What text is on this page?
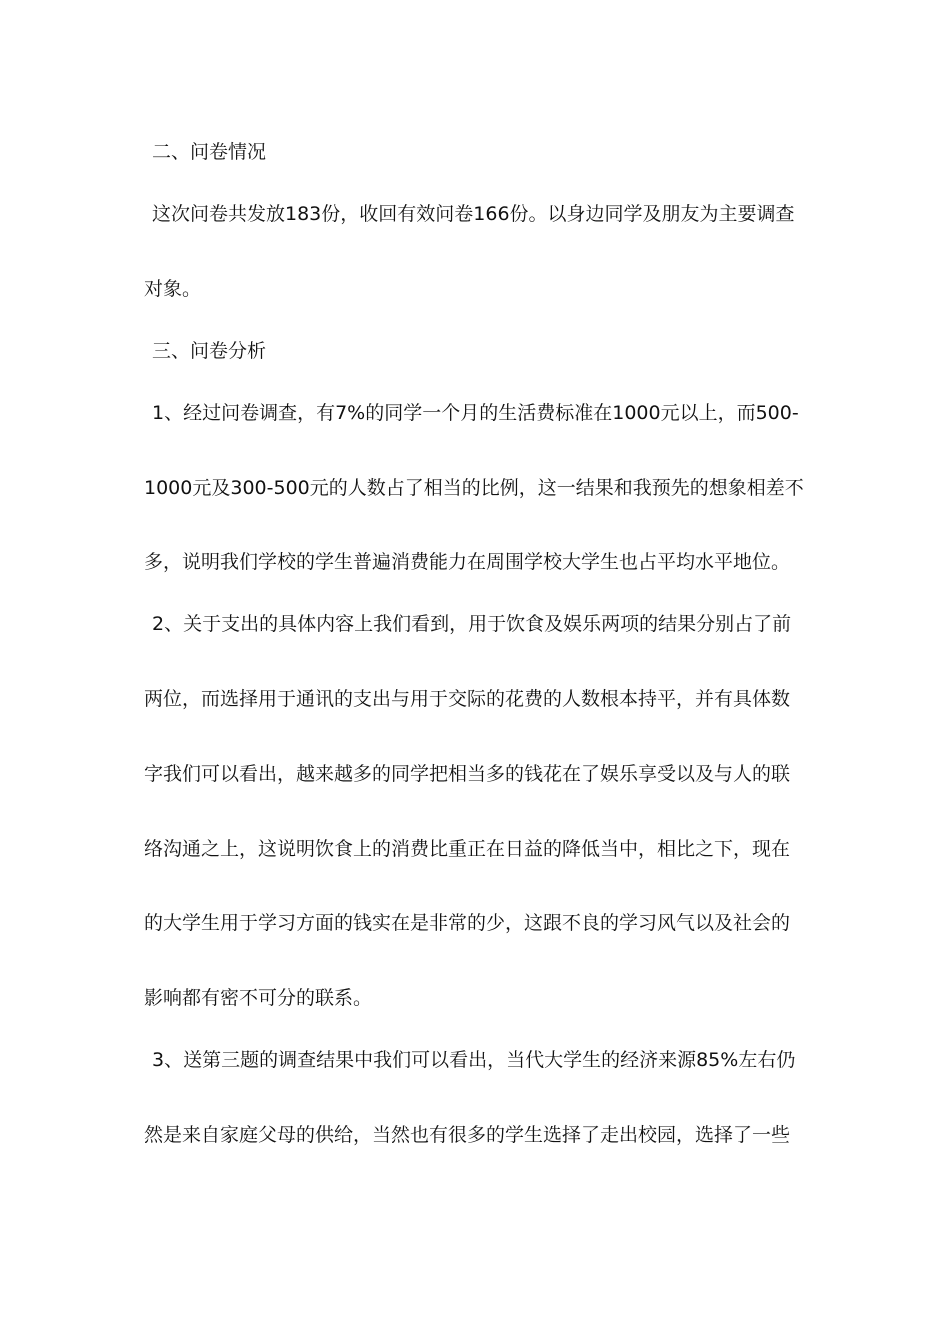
二、问卷情况
这次问卷共发放183份，收回有效问卷166份。以身边同学及朋友为主要调查
对象。
三、问卷分析
1、经过问卷调查，有7%的同学一个月的生活费标准在1000元以上，而500-
1000元及300-500元的人数占了相当的比例，这一结果和我预先的想象相差不
多，说明我们学校的学生普遍消费能力在周围学校大学生也占平均水平地位。
2、关于支出的具体内容上我们看到，用于饮食及娱乐两项的结果分别占了前
两位，而选择用于通讯的支出与用于交际的花费的人数根本持平，并有具体数
字我们可以看出，越来越多的同学把相当多的钱花在了娱乐享受以及与人的联
络沟通之上，这说明饮食上的消费比重正在日益的降低当中，相比之下，现在
的大学生用于学习方面的钱实在是非常的少，这跟不良的学习风气以及社会的
影响都有密不可分的联系。
3、送第三题的调查结果中我们可以看出，当代大学生的经济来源85%左右仍
然是来自家庭父母的供给，当然也有很多的学生选择了走出校园，选择了一些
